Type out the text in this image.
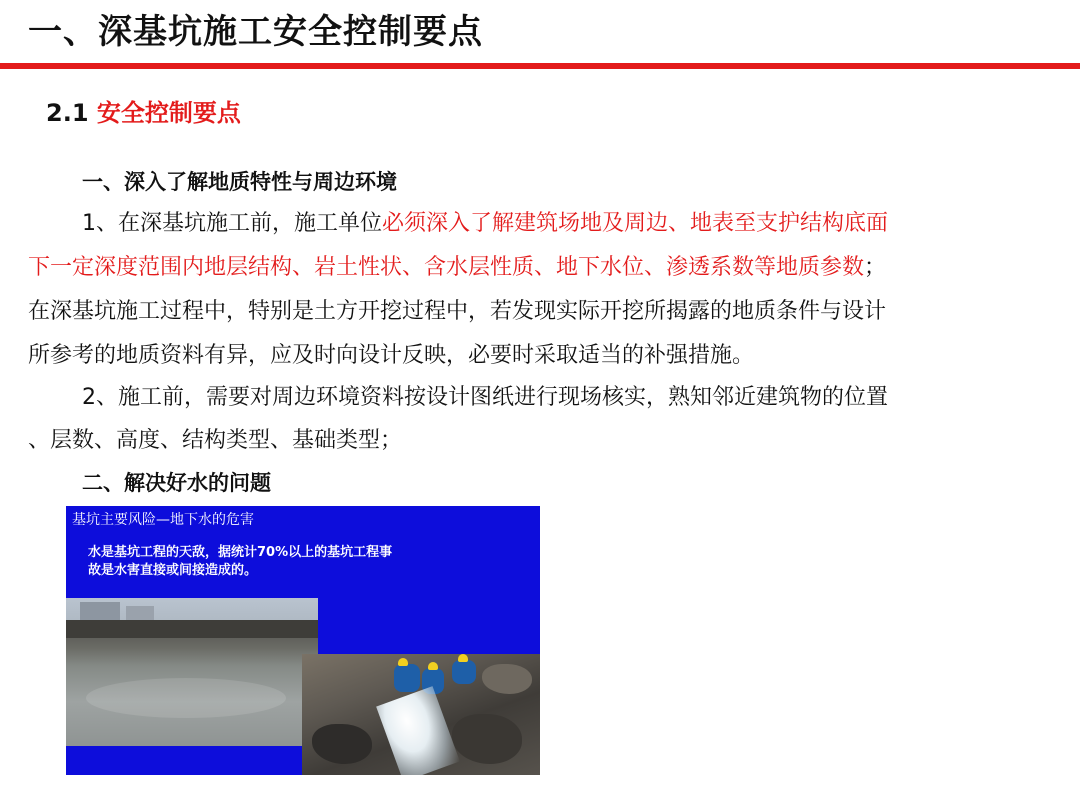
一、深基坑施工安全控制要点
2.1 安全控制要点
一、深入了解地质特性与周边环境
1、在深基坑施工前，施工单位必须深入了解建筑场地及周边、地表至支护结构底面
下一定深度范围内地层结构、岩土性状、含水层性质、地下水位、渗透系数等地质参数；
在深基坑施工过程中，特别是土方开挖过程中，若发现实际开挖所揭露的地质条件与设计
所参考的地质资料有异，应及时向设计反映，必要时采取适当的补强措施。
2、施工前，需要对周边环境资料按设计图纸进行现场核实，熟知邻近建筑物的位置
、层数、高度、结构类型、基础类型；
二、解决好水的问题
基坑主要风险—地下水的危害
水是基坑工程的天敌，据统计70%以上的基坑工程事
故是水害直接或间接造成的。
